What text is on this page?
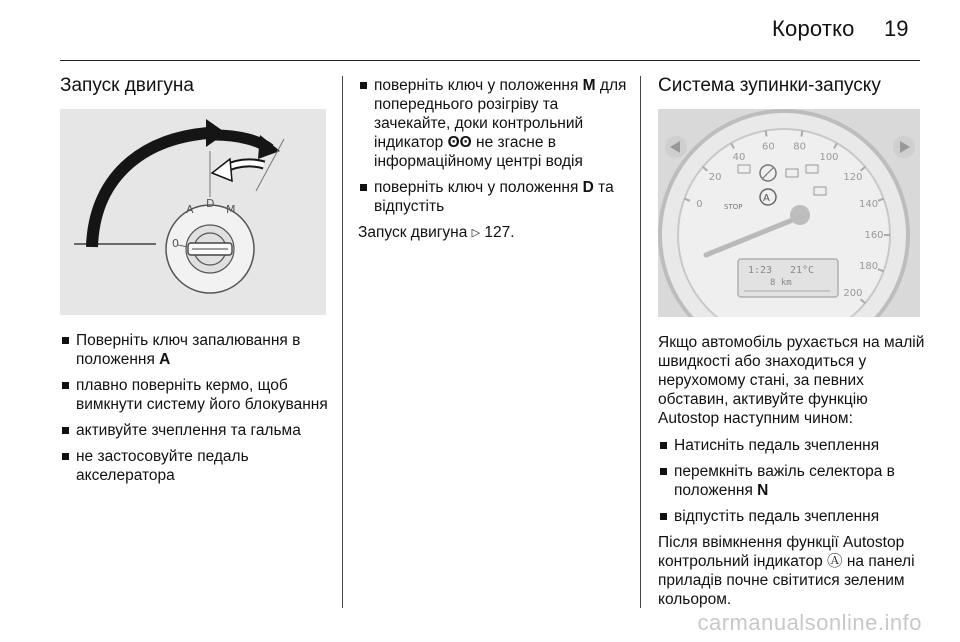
Коротко 19
Запуск двигуна
0
A D M
Поверніть ключ запалювання в положення A
плавно поверніть кермо, щоб вимкнути систему його блокування
активуйте зчеплення та гальма
не застосовуйте педаль акселератора
поверніть ключ у положення M для попереднього розігріву та зачекайте, доки контрольний індикатор ʘʘ не згасне в інформаційному центрі водія
поверніть ключ у положення D та відпустіть
Запуск двигуна ▷ 127.
Система зупинки-запуску
0
20
40
60 80
100
120
140
160
180
200
A
STOP
1:23 21°C
8 km
Якщо автомобіль рухається на малій швидкості або знаходиться у нерухомому стані, за певних обставин, активуйте функцію Autostop наступним чином:
Натисніть педаль зчеплення
перемкніть важіль селектора в положення N
відпустіть педаль зчеплення
Після ввімкнення функції Autostop контрольний індикатор Ⓐ на панелі приладів почне світитися зеленим кольором.
carmanualsonline.info
